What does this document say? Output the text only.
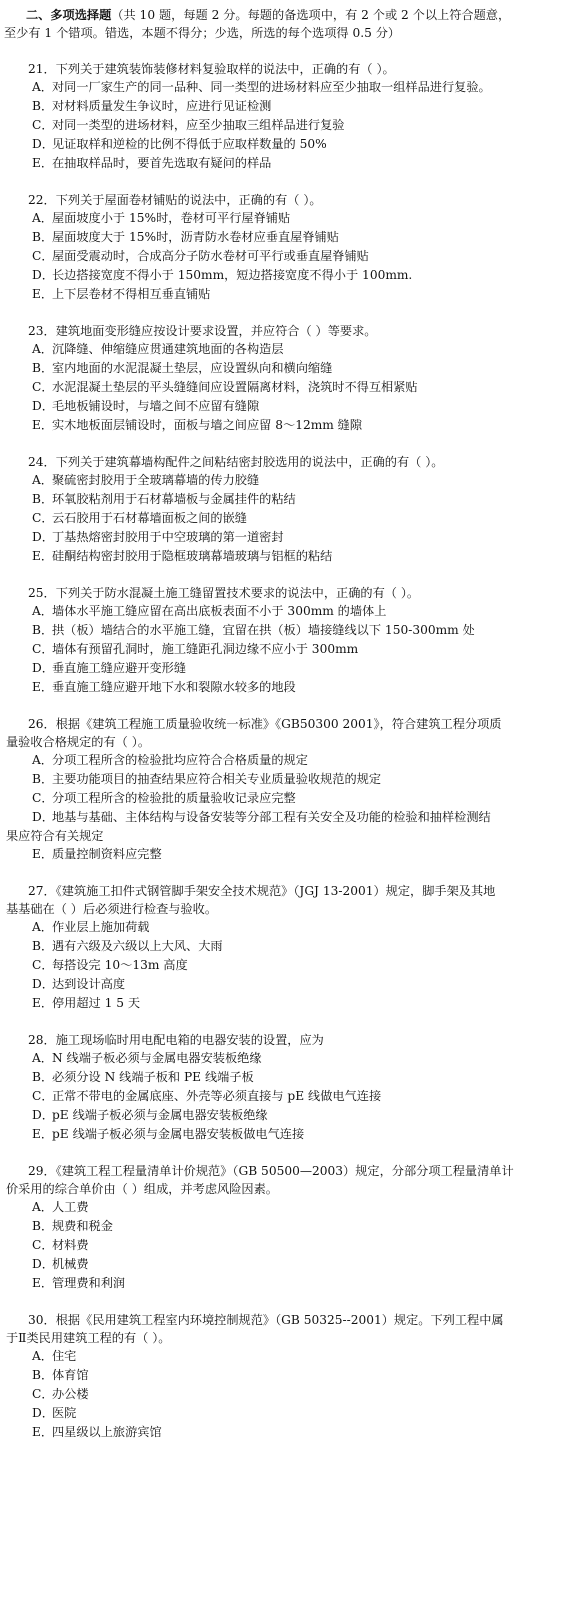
二、多项选择题（共 10 题，每题 2 分。每题的备选项中，有 2 个或 2 个以上符合题意，
至少有 1 个错项。错选，本题不得分；少选，所选的每个选项得 0.5 分）
21．下列关于建筑装饰装修材料复验取样的说法中，正确的有（ ）。
A．对同一厂家生产的同一品种、同一类型的进场材料应至少抽取一组样品进行复验。
B．对材料质量发生争议时，应进行见证检测
C．对同一类型的进场材料，应至少抽取三组样品进行复验
D．见证取样和逆检的比例不得低于应取样数量的 50%
E．在抽取样品时，要首先选取有疑问的样品
22．下列关于屋面卷材铺贴的说法中，正确的有（ ）。
A．屋面坡度小于 15%时，卷材可平行屋脊铺贴
B．屋面坡度大于 15%时，沥青防水卷材应垂直屋脊铺贴
C．屋面受震动时，合成高分子防水卷材可平行或垂直屋脊铺贴
D．长边搭接宽度不得小于 150mm，短边搭接宽度不得小于 100mm.
E．上下层卷材不得相互垂直铺贴
23．建筑地面变形缝应按设计要求设置，并应符合（ ）等要求。
A．沉降缝、伸缩缝应贯通建筑地面的各构造层
B．室内地面的水泥混凝土垫层，应设置纵向和横向缩缝
C．水泥混凝土垫层的平头缝缝间应设置隔离材料，浇筑时不得互相紧贴
D．毛地板铺设时，与墙之间不应留有缝隙
E．实木地板面层铺设时，面板与墙之间应留 8～12mm 缝隙
24．下列关于建筑幕墙构配件之间粘结密封胶选用的说法中，正确的有（ ）。
A．聚硫密封胶用于全玻璃幕墙的传力胶缝
B．环氧胶粘剂用于石材幕墙板与金属挂件的粘结
C．云石胶用于石材幕墙面板之间的嵌缝
D．丁基热熔密封胶用于中空玻璃的第一道密封
E．硅酮结构密封胶用于隐框玻璃幕墙玻璃与铝框的粘结
25．下列关于防水混凝土施工缝留置技术要求的说法中，正确的有（ ）。
A．墙体水平施工缝应留在高出底板表面不小于 300mm 的墙体上
B．拱（板）墙结合的水平施工缝，宜留在拱（板）墙接缝线以下 150-300mm 处
C．墙体有预留孔洞时，施工缝距孔洞边缘不应小于 300mm
D．垂直施工缝应避开变形缝
E．垂直施工缝应避开地下水和裂隙水较多的地段
26．根据《建筑工程施工质量验收统一标准》《GB50300 2001》，符合建筑工程分项质
量验收合格规定的有（ ）。
A．分项工程所含的检验批均应符合合格质量的规定
B．主要功能项目的抽查结果应符合相关专业质量验收规范的规定
C．分项工程所含的检验批的质量验收记录应完整
D．地基与基础、主体结构与设备安装等分部工程有关安全及功能的检验和抽样检测结
果应符合有关规定
E．质量控制资料应完整
27．《建筑施工扣件式钢管脚手架安全技术规范》（JGJ 13-2001）规定，脚手架及其地
基基础在（ ）后必须进行检查与验收。
A．作业层上施加荷载
B．遇有六级及六级以上大风、大雨
C．每搭设完 10～13m 高度
D．达到设计高度
E．停用超过 1 5 天
28．施工现场临时用电配电箱的电器安装的设置，应为
A．N 线端子板必须与金属电器安装板绝缘
B．必须分设 N 线端子板和 PE 线端子板
C．正常不带电的金属底座、外壳等必须直接与 pE 线做电气连接
D．pE 线端子板必须与金属电器安装板绝缘
E．pE 线端子板必须与金属电器安装板做电气连接
29．《建筑工程工程量清单计价规范》（GB 50500—2003）规定，分部分项工程量清单计
价采用的综合单价由（ ）组成，并考虑风险因素。
A．人工费
B．规费和税金
C．材料费
D．机械费
E．管理费和利润
30．根据《民用建筑工程室内环境控制规范》（GB 50325--2001）规定。下列工程中属
于Ⅱ类民用建筑工程的有（ ）。
A．住宅
B．体育馆
C．办公楼
D．医院
E．四星级以上旅游宾馆
